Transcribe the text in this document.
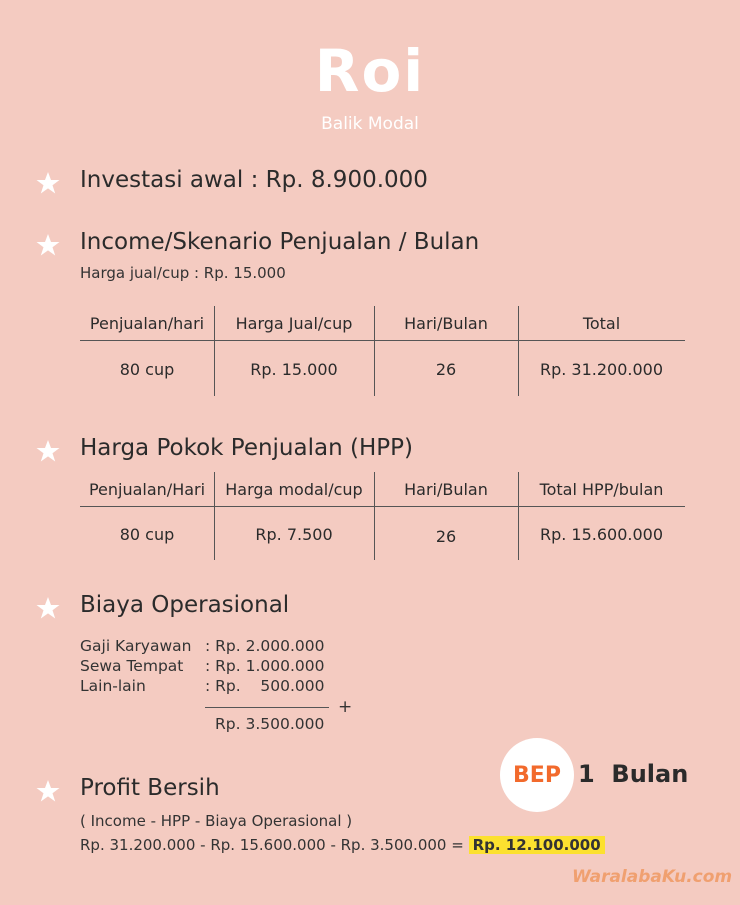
Roi
Balik Modal
Investasi awal : Rp. 8.900.000
Income/Skenario Penjualan / Bulan
Harga jual/cup : Rp. 15.000
Penjualan/hari	Harga Jual/cup	Hari/Bulan	Total
80 cup	Rp. 15.000	26	Rp. 31.200.000
Harga Pokok Penjualan (HPP)
Penjualan/Hari	Harga modal/cup	Hari/Bulan	Total HPP/bulan
80 cup	Rp. 7.500	26	Rp. 15.600.000
Biaya Operasional
Gaji Karyawan : Rp. 2.000.000
Sewa Tempat : Rp. 1.000.000
Lain-lain	: Rp.    500.000
+
Rp. 3.500.000
BEP 1  Bulan
Profit Bersih
( Income - HPP - Biaya Operasional )
Rp. 31.200.000 - Rp. 15.600.000 - Rp. 3.500.000 = Rp. 12.100.000
WaralabaKu.com
